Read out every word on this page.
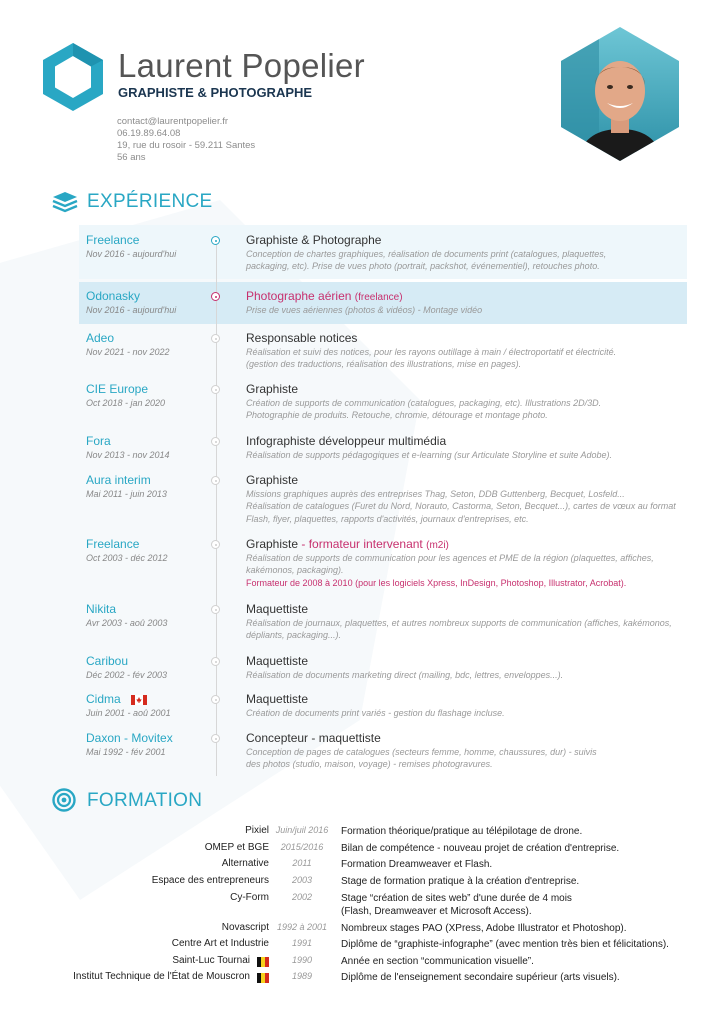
Laurent Popelier
GRAPHISTE & PHOTOGRAPHE
contact@laurentpopelier.fr
06.19.89.64.08
19, rue du rosoir - 59.211 Santes
56 ans
EXPÉRIENCE
Freelance
Nov 2016 - aujourd'hui
Graphiste & Photographe
Conception de chartes graphiques, réalisation de documents print (catalogues, plaquettes,
packaging, etc). Prise de vues photo (portrait, packshot, événementiel), retouches photo.
Odonasky
Nov 2016 - aujourd'hui
Photographe aérien (freelance)
Prise de vues aériennes (photos & vidéos) - Montage vidéo
Adeo
Nov 2021 - nov 2022
Responsable notices
Réalisation et suivi des notices, pour les rayons outillage à main / électroportatif et électricité.
(gestion des traductions, réalisation des illustrations, mise en pages).
CIE Europe
Oct 2018 - jan 2020
Graphiste
Création de supports de communication (catalogues, packaging, etc). Illustrations 2D/3D.
Photographie de produits. Retouche, chromie, détourage et montage photo.
Fora
Nov 2013 - nov 2014
Infographiste développeur multimédia
Réalisation de supports pédagogiques et e-learning (sur Articulate Storyline et suite Adobe).
Aura interim
Mai 2011 - juin 2013
Graphiste
Missions graphiques auprès des entreprises Thag, Seton, DDB Guttenberg, Becquet, Losfeld...
Réalisation de catalogues (Furet du Nord, Norauto, Castorma, Seton, Becquet...), cartes de vœux au format
Flash, flyer, plaquettes, rapports d'activités, journaux d'entreprises, etc.
Freelance
Oct 2003 - déc 2012
Graphiste - formateur intervenant (m2i)
Réalisation de supports de communication pour les agences et PME de la région (plaquettes, affiches,
kakémonos, packaging).
Formateur de 2008 à 2010 (pour les logiciels Xpress, InDesign, Photoshop, Illustrator, Acrobat).
Nikita
Avr 2003 - aoû 2003
Maquettiste
Réalisation de journaux, plaquettes, et autres nombreux supports de communication (affiches, kakémonos,
dépliants, packaging...).
Caribou
Déc 2002 - fév 2003
Maquettiste
Réalisation de documents marketing direct (mailing, bdc, lettres, enveloppes...).
Cidma
Juin 2001 - aoû 2001
Maquettiste
Création de documents print variés - gestion du flashage incluse.
Daxon - Movitex
Mai 1992 - fév 2001
Concepteur - maquettiste
Conception de pages de catalogues (secteurs femme, homme, chaussures, dur) - suivis
des photos (studio, maison, voyage) - remises photogravures.
FORMATION
Pixiel Juin/juil 2016	Formation théorique/pratique au télépilotage de drone.
OMEP et BGE	2015/2016	Bilan de compétence - nouveau projet de création d'entreprise.
Alternative	2011	Formation Dreamweaver et Flash.
Espace des entrepreneurs	2003	Stage de formation pratique à la création d'entreprise.
Cy-Form	2002	Stage “création de sites web” d'une durée de 4 mois
(Flash, Dreamweaver et Microsoft Access).
Novascript 1992 à 2001	Nombreux stages PAO (XPress, Adobe Illustrator et Photoshop).
Centre Art et Industrie	1991	Diplôme de “graphiste-infographe” (avec mention très bien et félicitations).
Saint-Luc Tournai	1990	Année en section “communication visuelle”.
Institut Technique de l'État de Mouscron	1989	Diplôme de l'enseignement secondaire supérieur (arts visuels).
